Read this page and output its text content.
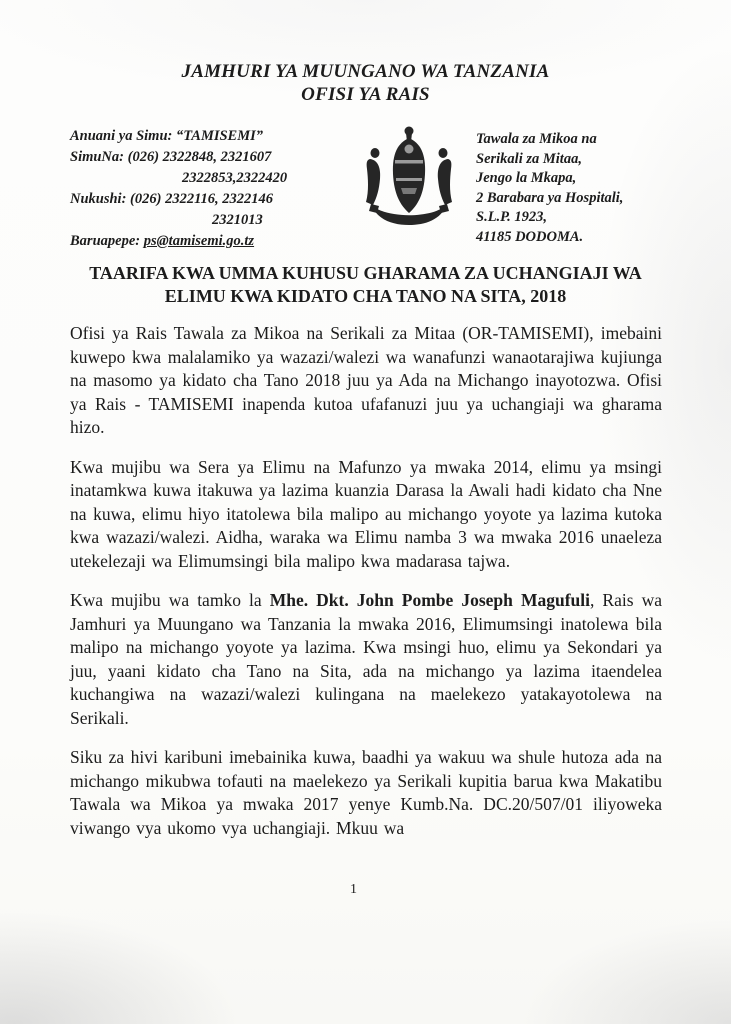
JAMHURI YA MUUNGANO WA TANZANIA
OFISI YA RAIS
Anuani ya Simu: “TAMISEMI”
SimuNa: (026) 2322848, 2321607
2322853,2322420
Nukushi: (026) 2322116, 2322146
2321013
Baruapepe: ps@tamisemi.go.tz
Tawala za Mikoa na
Serikali za Mitaa,
Jengo la Mkapa,
2 Barabara ya Hospitali,
S.L.P. 1923,
41185 DODOMA.
TAARIFA KWA UMMA KUHUSU GHARAMA ZA UCHANGIAJI WA
ELIMU KWA KIDATO CHA TANO NA SITA, 2018
Ofisi ya Rais Tawala za Mikoa na Serikali za Mitaa (OR-TAMISEMI), imebaini kuwepo kwa malalamiko ya wazazi/walezi wa wanafunzi wanaotarajiwa kujiunga na masomo ya kidato cha Tano 2018 juu ya Ada na Michango inayotozwa. Ofisi ya Rais - TAMISEMI inapenda kutoa ufafanuzi juu ya uchangiaji wa gharama hizo.
Kwa mujibu wa Sera ya Elimu na Mafunzo ya mwaka 2014, elimu ya msingi inatamkwa kuwa itakuwa ya lazima kuanzia Darasa la Awali hadi kidato cha Nne na kuwa, elimu hiyo itatolewa bila malipo au michango yoyote ya lazima kutoka kwa wazazi/walezi. Aidha, waraka wa Elimu namba 3 wa mwaka 2016 unaeleza utekelezaji wa Elimumsingi bila malipo kwa madarasa tajwa.
Kwa mujibu wa tamko la Mhe. Dkt. John Pombe Joseph Magufuli, Rais wa Jamhuri ya Muungano wa Tanzania la mwaka 2016, Elimumsingi inatolewa bila malipo na michango yoyote ya lazima. Kwa msingi huo, elimu ya Sekondari ya juu, yaani kidato cha Tano na Sita, ada na michango ya lazima itaendelea kuchangiwa na wazazi/walezi kulingana na maelekezo yatakayotolewa na Serikali.
Siku za hivi karibuni imebainika kuwa, baadhi ya wakuu wa shule hutoza ada na michango mikubwa tofauti na maelekezo ya Serikali kupitia barua kwa Makatibu Tawala wa Mikoa ya mwaka 2017 yenye Kumb.Na. DC.20/507/01 iliyoweka viwango vya ukomo vya uchangiaji. Mkuu wa
1
